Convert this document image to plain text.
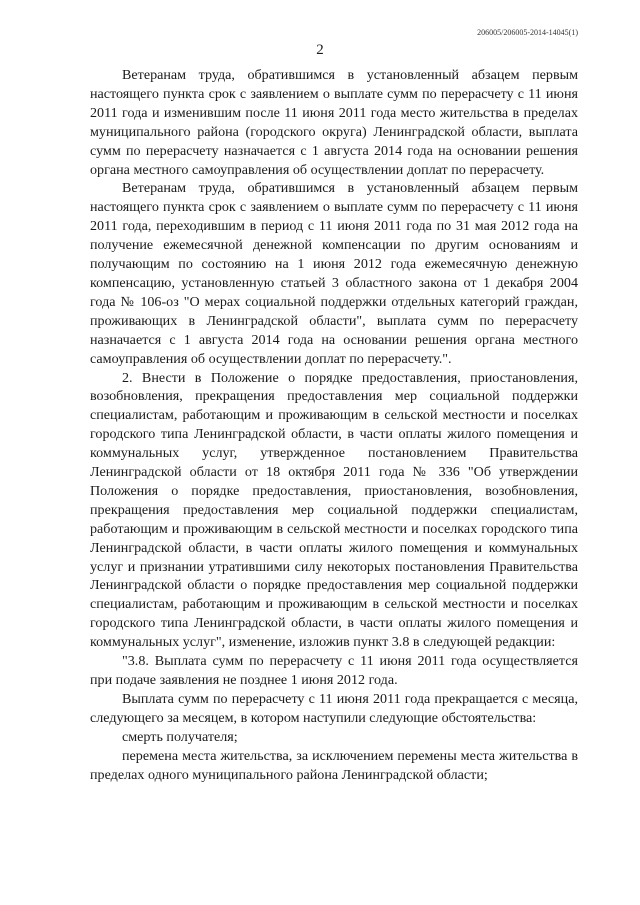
206005/206005-2014-14045(1)
2

Ветеранам труда, обратившимся в установленный абзацем первым настоящего пункта срок с заявлением о выплате сумм по перерасчету с 11 июня 2011 года и изменившим после 11 июня 2011 года место жительства в пределах муниципального района (городского округа) Ленинградской области, выплата сумм по перерасчету назначается с 1 августа 2014 года на основании решения органа местного самоуправления об осуществлении доплат по перерасчету.

Ветеранам труда, обратившимся в установленный абзацем первым настоящего пункта срок с заявлением о выплате сумм по перерасчету с 11 июня 2011 года, переходившим в период с 11 июня 2011 года по 31 мая 2012 года на получение ежемесячной денежной компенсации по другим основаниям и получающим по состоянию на 1 июня 2012 года ежемесячную денежную компенсацию, установленную статьей 3 областного закона от 1 декабря 2004 года № 106-оз "О мерах социальной поддержки отдельных категорий граждан, проживающих в Ленинградской области", выплата сумм по перерасчету назначается с 1 августа 2014 года на основании решения органа местного самоуправления об осуществлении доплат по перерасчету.".

2. Внести в Положение о порядке предоставления, приостановления, возобновления, прекращения предоставления мер социальной поддержки специалистам, работающим и проживающим в сельской местности и поселках городского типа Ленинградской области, в части оплаты жилого помещения и коммунальных услуг, утвержденное постановлением Правительства Ленинградской области от 18 октября 2011 года № 336 "Об утверждении Положения о порядке предоставления, приостановления, возобновления, прекращения предоставления мер социальной поддержки специалистам, работающим и проживающим в сельской местности и поселках городского типа Ленинградской области, в части оплаты жилого помещения и коммунальных услуг и признании утратившими силу некоторых постановления Правительства Ленинградской области о порядке предоставления мер социальной поддержки специалистам, работающим и проживающим в сельской местности и поселках городского типа Ленинградской области, в части оплаты жилого помещения и коммунальных услуг", изменение, изложив пункт 3.8 в следующей редакции:

"3.8. Выплата сумм по перерасчету с 11 июня 2011 года осуществляется при подаче заявления не позднее 1 июня 2012 года.

Выплата сумм по перерасчету с 11 июня 2011 года прекращается с месяца, следующего за месяцем, в котором наступили следующие обстоятельства:

смерть получателя;

перемена места жительства, за исключением перемены места жительства в пределах одного муниципального района Ленинградской области;
